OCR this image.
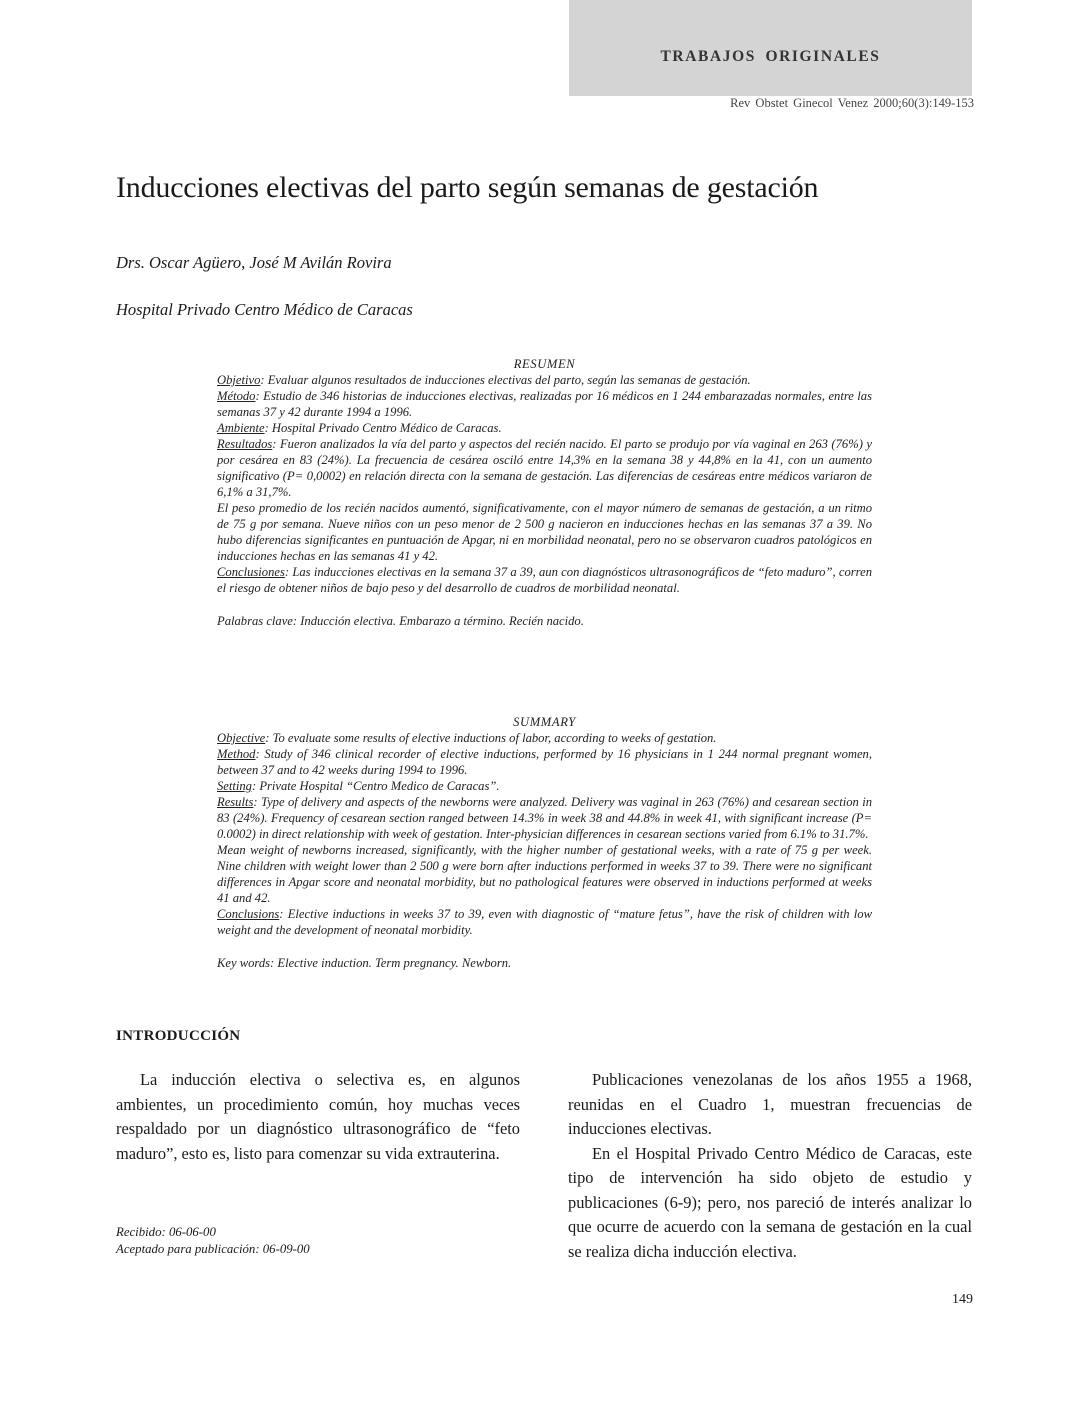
TRABAJOS ORIGINALES
Rev Obstet Ginecol Venez 2000;60(3):149-153
Inducciones electivas del parto según semanas de gestación
Drs. Oscar Agüero, José M Avilán Rovira
Hospital Privado Centro Médico de Caracas

RESUMEN

Objetivo: Evaluar algunos resultados de inducciones electivas del parto, según las semanas de gestación.

Método: Estudio de 346 historias de inducciones electivas, realizadas por 16 médicos en 1 244 embarazadas normales, entre las semanas 37 y 42 durante 1994 a 1996.

Ambiente: Hospital Privado Centro Médico de Caracas.

Resultados: Fueron analizados la vía del parto y aspectos del recién nacido. El parto se produjo por vía vaginal en 263 (76%) y por cesárea en 83 (24%). La frecuencia de cesárea osciló entre 14,3% en la semana 38 y 44,8% en la 41, con un aumento significativo (P= 0,0002) en relación directa con la semana de gestación. Las diferencias de cesáreas entre médicos variaron de 6,1% a 31,7%.

El peso promedio de los recién nacidos aumentó, significativamente, con el mayor número de semanas de gestación, a un ritmo de 75 g por semana. Nueve niños con un peso menor de 2 500 g nacieron en inducciones hechas en las semanas 37 a 39. No hubo diferencias significantes en puntuación de Apgar, ni en morbilidad neonatal, pero no se observaron cuadros patológicos en inducciones hechas en las semanas 41 y 42.

Conclusiones: Las inducciones electivas en la semana 37 a 39, aun con diagnósticos ultrasonográficos de “feto maduro”, corren el riesgo de obtener niños de bajo peso y del desarrollo de cuadros de morbilidad neonatal.

Palabras clave: Inducción electiva. Embarazo a término. Recién nacido.

SUMMARY

Objective: To evaluate some results of elective inductions of labor, according to weeks of gestation.

Method: Study of 346 clinical recorder of elective inductions, performed by 16 physicians in 1 244 normal pregnant women, between 37 and to 42 weeks during 1994 to 1996.

Setting: Private Hospital “Centro Medico de Caracas”.

Results: Type of delivery and aspects of the newborns were analyzed. Delivery was vaginal in 263 (76%) and cesarean section in 83 (24%). Frequency of cesarean section ranged between 14.3% in week 38 and 44.8% in week 41, with significant increase (P= 0.0002) in direct relationship with week of gestation. Inter-physician differences in cesarean sections varied from 6.1% to 31.7%.

Mean weight of newborns increased, significantly, with the higher number of gestational weeks, with a rate of 75 g per week. Nine children with weight lower than 2 500 g were born after inductions performed in weeks 37 to 39. There were no significant differences in Apgar score and neonatal morbidity, but no pathological features were observed in inductions performed at weeks 41 and 42.

Conclusions: Elective inductions in weeks 37 to 39, even with diagnostic of “mature fetus”, have the risk of children with low weight and the development of neonatal morbidity.

Key words: Elective induction. Term pregnancy. Newborn.

INTRODUCCIÓN

La inducción electiva o selectiva es, en algunos ambientes, un procedimiento común, hoy muchas veces respaldado por un diagnóstico ultrasonográfico de “feto maduro”, esto es, listo para comenzar su vida extrauterina.

Publicaciones venezolanas de los años 1955 a 1968, reunidas en el Cuadro 1, muestran frecuencias de inducciones electivas.

En el Hospital Privado Centro Médico de Caracas, este tipo de intervención ha sido objeto de estudio y publicaciones (6-9); pero, nos pareció de interés analizar lo que ocurre de acuerdo con la semana de gestación en la cual se realiza dicha inducción electiva.

Recibido: 06-06-00
Aceptado para publicación: 06-09-00
149
